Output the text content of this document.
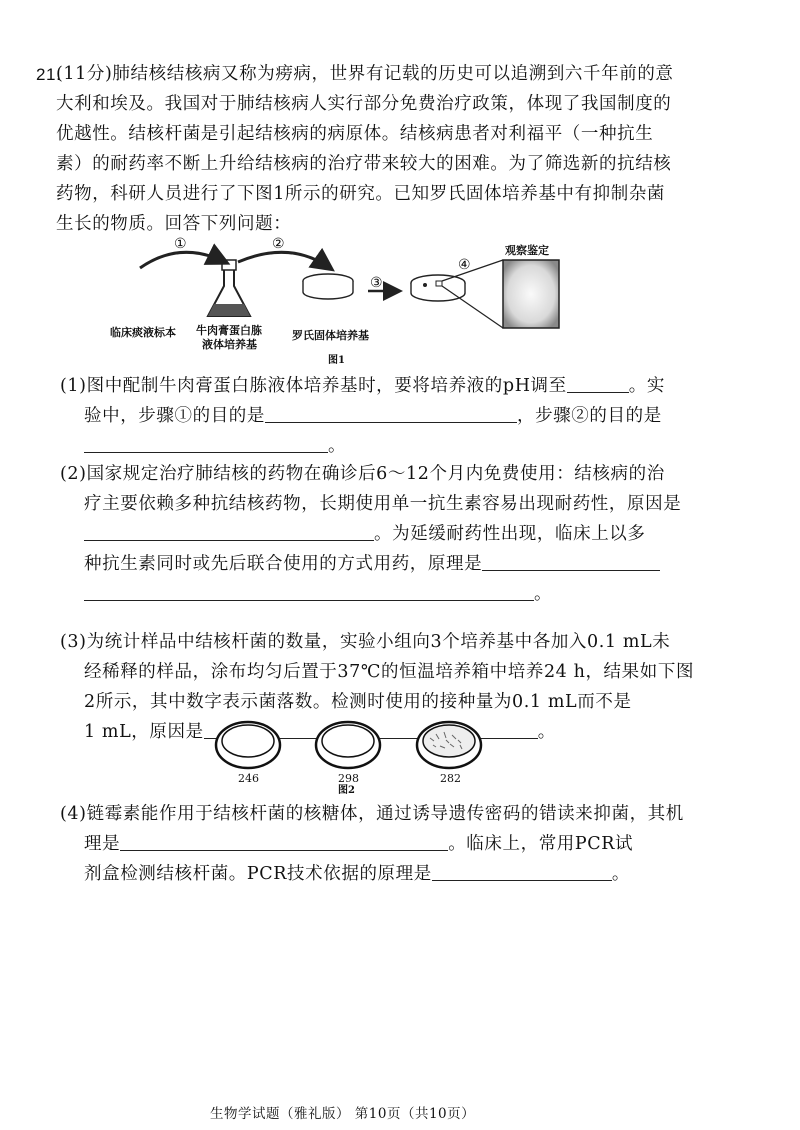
21.
(11分)肺结核结核病又称为痨病，世界有记载的历史可以追溯到六千年前的意
大利和埃及。我国对于肺结核病人实行部分免费治疗政策，体现了我国制度的
优越性。结核杆菌是引起结核病的病原体。结核病患者对利福平（一种抗生
素）的耐药率不断上升给结核病的治疗带来较大的困难。为了筛选新的抗结核
药物，科研人员进行了下图1所示的研究。已知罗氏固体培养基中有抑制杂菌
生长的物质。回答下列问题：
①	②
③
④
观察鉴定
临床痰液标本 牛肉膏蛋白胨
液体培养基
罗氏固体培养基
图1
(1)图中配制牛肉膏蛋白胨液体培养基时，要将培养液的pH调至	。实
验中，步骤①的目的是	，步骤②的目的是
。
(2)国家规定治疗肺结核的药物在确诊后6～12个月内免费使用：结核病的治
疗主要依赖多种抗结核药物，长期使用单一抗生素容易出现耐药性，原因是
。为延缓耐药性出现，临床上以多
种抗生素同时或先后联合使用的方式用药，原理是
。
(3)为统计样品中结核杆菌的数量，实验小组向3个培养基中各加入0.1 mL未
经稀释的样品，涂布均匀后置于37℃的恒温培养箱中培养24 h，结果如下图
2所示，其中数字表示菌落数。检测时使用的接种量为0.1 mL而不是
1 mL，原因是	。
246	298	282
图2
(4)链霉素能作用于结核杆菌的核糖体，通过诱导遗传密码的错读来抑菌，其机
理是	。临床上，常用PCR试
剂盒检测结核杆菌。PCR技术依据的原理是	。
生物学试题（雅礼版） 第10页（共10页）
